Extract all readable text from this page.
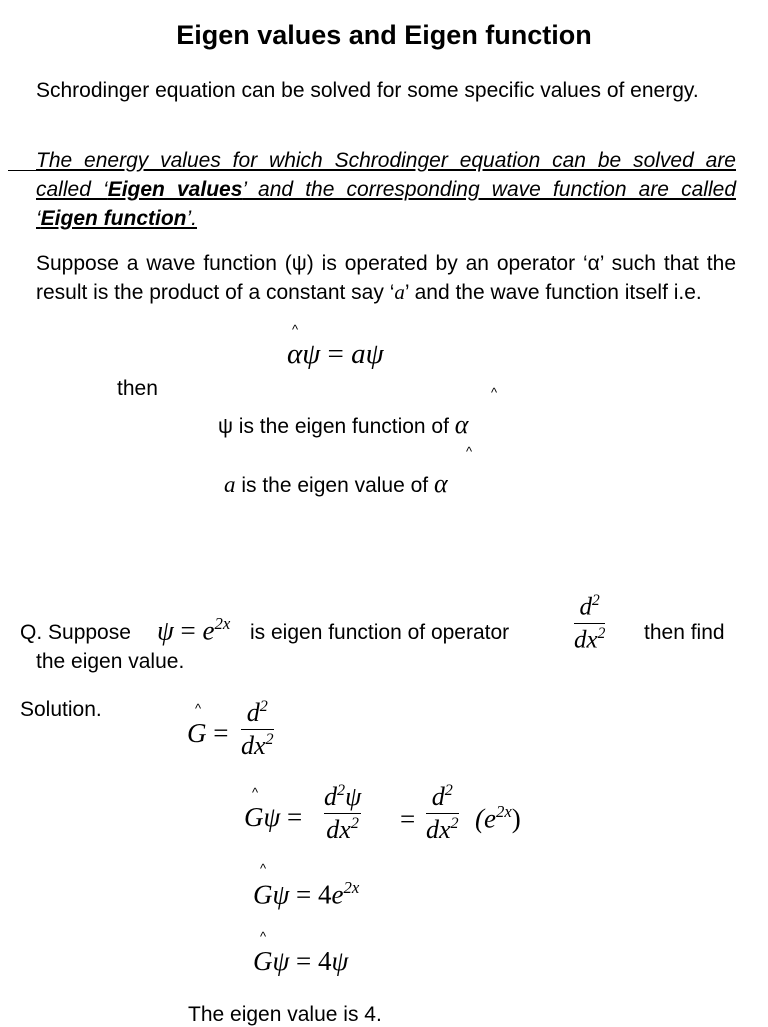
Eigen values and Eigen function
Schrodinger equation can be solved for some specific values of energy.
The energy values for which Schrodinger equation can be solved are called ‘Eigen values’ and the corresponding wave function are called ‘Eigen function’.
Suppose a wave function (ψ) is operated by an operator ‘α’ such that the result is the product of a constant say ‘a’ and the wave function itself i.e.
^
αψ = aψ
then
ψ is the eigen function of α
^
a is the eigen value of α
^
Q. Suppose $\psi = e^{2x}$ is eigen function of operator
$d^2$
$dx^2$ then find
the eigen value.
Solution.	^
G =
$d^2$
$dx^2$
^
Gψ =
$d^2\psi$
$dx^2$ =
$d^2$
$dx^2$ $(e^{2x})$
^
$G\psi = 4e^{2x}$
^
Gψ = 4ψ
The eigen value is 4.
